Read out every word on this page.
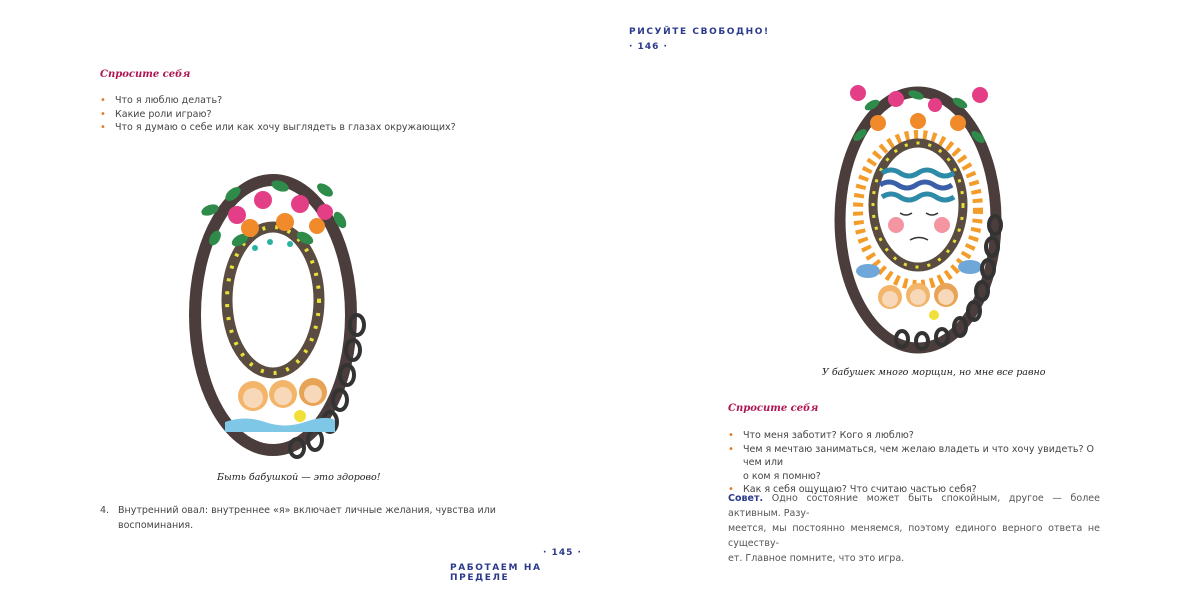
Спросите себя
• Что я люблю делать?
• Какие роли играю?
• Что я думаю о себе или как хочу выглядеть в глазах окружающих?
Быть бабушкой — это здорово!
4. Внутренний овал: внутреннее «я» включает личные желания, чувства или
воспоминания.
· 145 ·
РАБОТАЕМ НА ПРЕДЕЛЕ
РИСУЙТЕ СВОБОДНО!
· 146 ·
У бабушек много морщин, но мне все равно
Спросите себя
• Что меня заботит? Кого я люблю?
• Чем я мечтаю заниматься, чем желаю владеть и что хочу увидеть? О чем или
о ком я помню?
• Как я себя ощущаю? Что считаю частью себя?
Совет. Одно состояние может быть спокойным, другое — более активным. Разу-
меется, мы постоянно меняемся, поэтому единого верного ответа не существу-
ет. Главное помните, что это игра.
